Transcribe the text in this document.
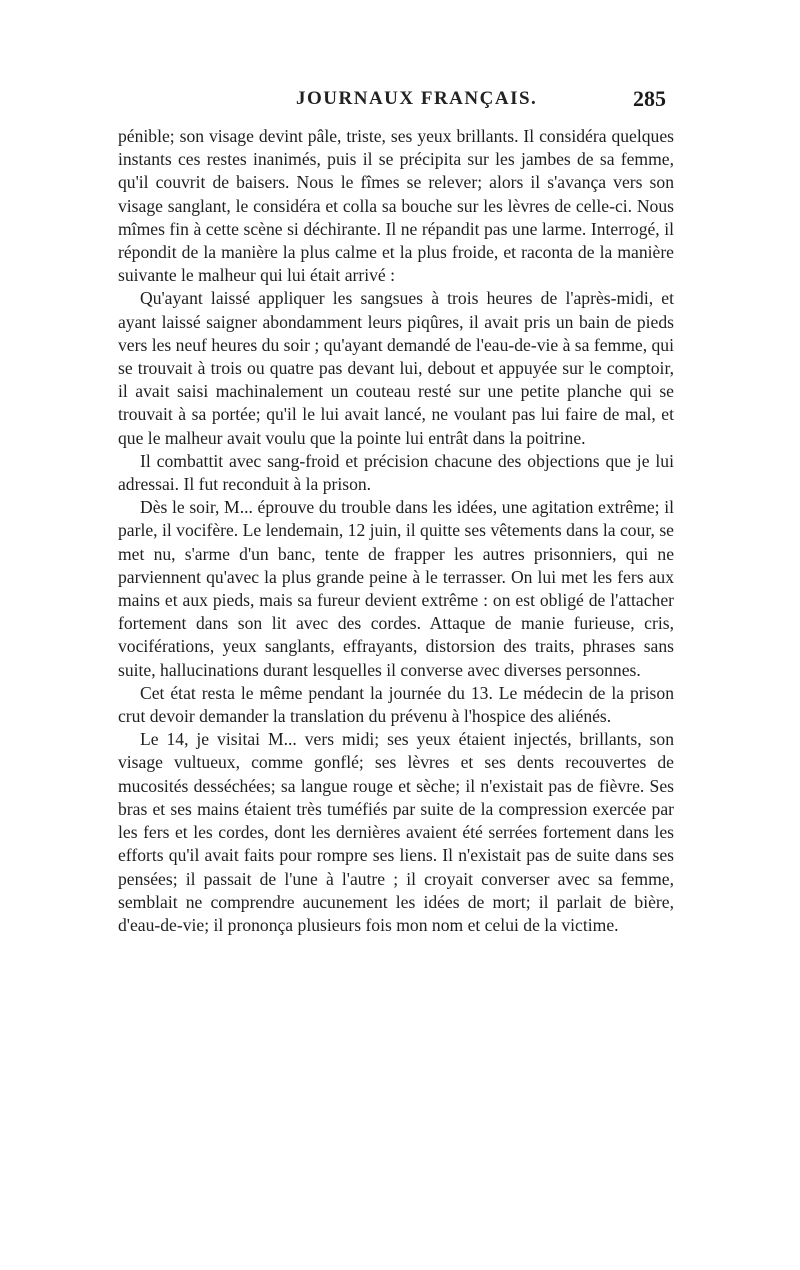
JOURNAUX FRANÇAIS.	285

pénible; son visage devint pâle, triste, ses yeux brillants. Il considéra quelques instants ces restes inanimés, puis il se précipita sur les jambes de sa femme, qu'il couvrit de baisers. Nous le fîmes se relever; alors il s'avança vers son visage sanglant, le considéra et colla sa bouche sur les lèvres de celle-ci. Nous mîmes fin à cette scène si déchirante. Il ne répandit pas une larme. Interrogé, il répondit de la manière la plus calme et la plus froide, et raconta de la manière suivante le malheur qui lui était arrivé :

Qu'ayant laissé appliquer les sangsues à trois heures de l'après-midi, et ayant laissé saigner abondamment leurs piqûres, il avait pris un bain de pieds vers les neuf heures du soir ; qu'ayant demandé de l'eau-de-vie à sa femme, qui se trouvait à trois ou quatre pas devant lui, debout et appuyée sur le comptoir, il avait saisi machinalement un couteau resté sur une petite planche qui se trouvait à sa portée; qu'il le lui avait lancé, ne voulant pas lui faire de mal, et que le malheur avait voulu que la pointe lui entrât dans la poitrine.

Il combattit avec sang-froid et précision chacune des objections que je lui adressai. Il fut reconduit à la prison.

Dès le soir, M... éprouve du trouble dans les idées, une agitation extrême; il parle, il vocifère. Le lendemain, 12 juin, il quitte ses vêtements dans la cour, se met nu, s'arme d'un banc, tente de frapper les autres prisonniers, qui ne parviennent qu'avec la plus grande peine à le terrasser. On lui met les fers aux mains et aux pieds, mais sa fureur devient extrême : on est obligé de l'attacher fortement dans son lit avec des cordes. Attaque de manie furieuse, cris, vociférations, yeux sanglants, effrayants, distorsion des traits, phrases sans suite, hallucinations durant lesquelles il converse avec diverses personnes.

Cet état resta le même pendant la journée du 13. Le médecin de la prison crut devoir demander la translation du prévenu à l'hospice des aliénés.

Le 14, je visitai M... vers midi; ses yeux étaient injectés, brillants, son visage vultueux, comme gonflé; ses lèvres et ses dents recouvertes de mucosités desséchées; sa langue rouge et sèche; il n'existait pas de fièvre. Ses bras et ses mains étaient très tuméfiés par suite de la compression exercée par les fers et les cordes, dont les dernières avaient été serrées fortement dans les efforts qu'il avait faits pour rompre ses liens. Il n'existait pas de suite dans ses pensées; il passait de l'une à l'autre ; il croyait converser avec sa femme, semblait ne comprendre aucunement les idées de mort; il parlait de bière, d'eau-de-vie; il prononça plusieurs fois mon nom et celui de la victime.
